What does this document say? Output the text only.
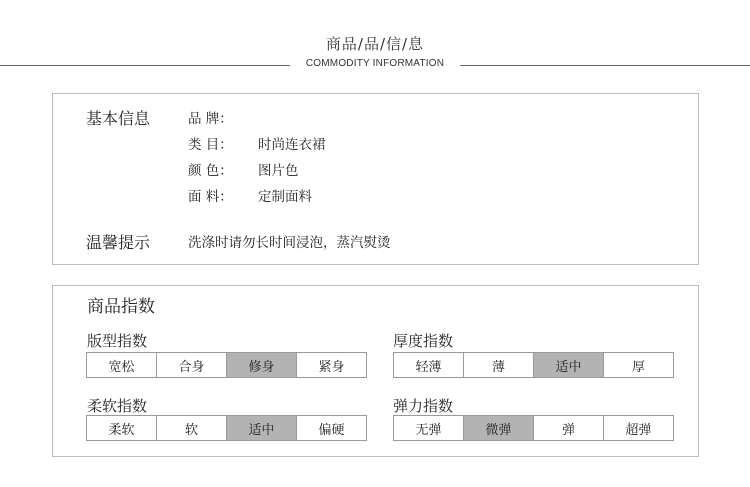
商品/品/信/息
COMMODITY INFORMATION
基本信息	品 牌：
类 目： 时尚连衣裙
颜 色： 图片色
面 料： 定制面料
温馨提示	洗涤时请勿长时间浸泡，蒸汽熨烫
商品指数
版型指数
宽松	合身	修身	紧身
厚度指数
轻薄	薄	适中	厚
柔软指数
柔软	软	适中	偏硬
弹力指数
无弹	微弹	弹	超弹
